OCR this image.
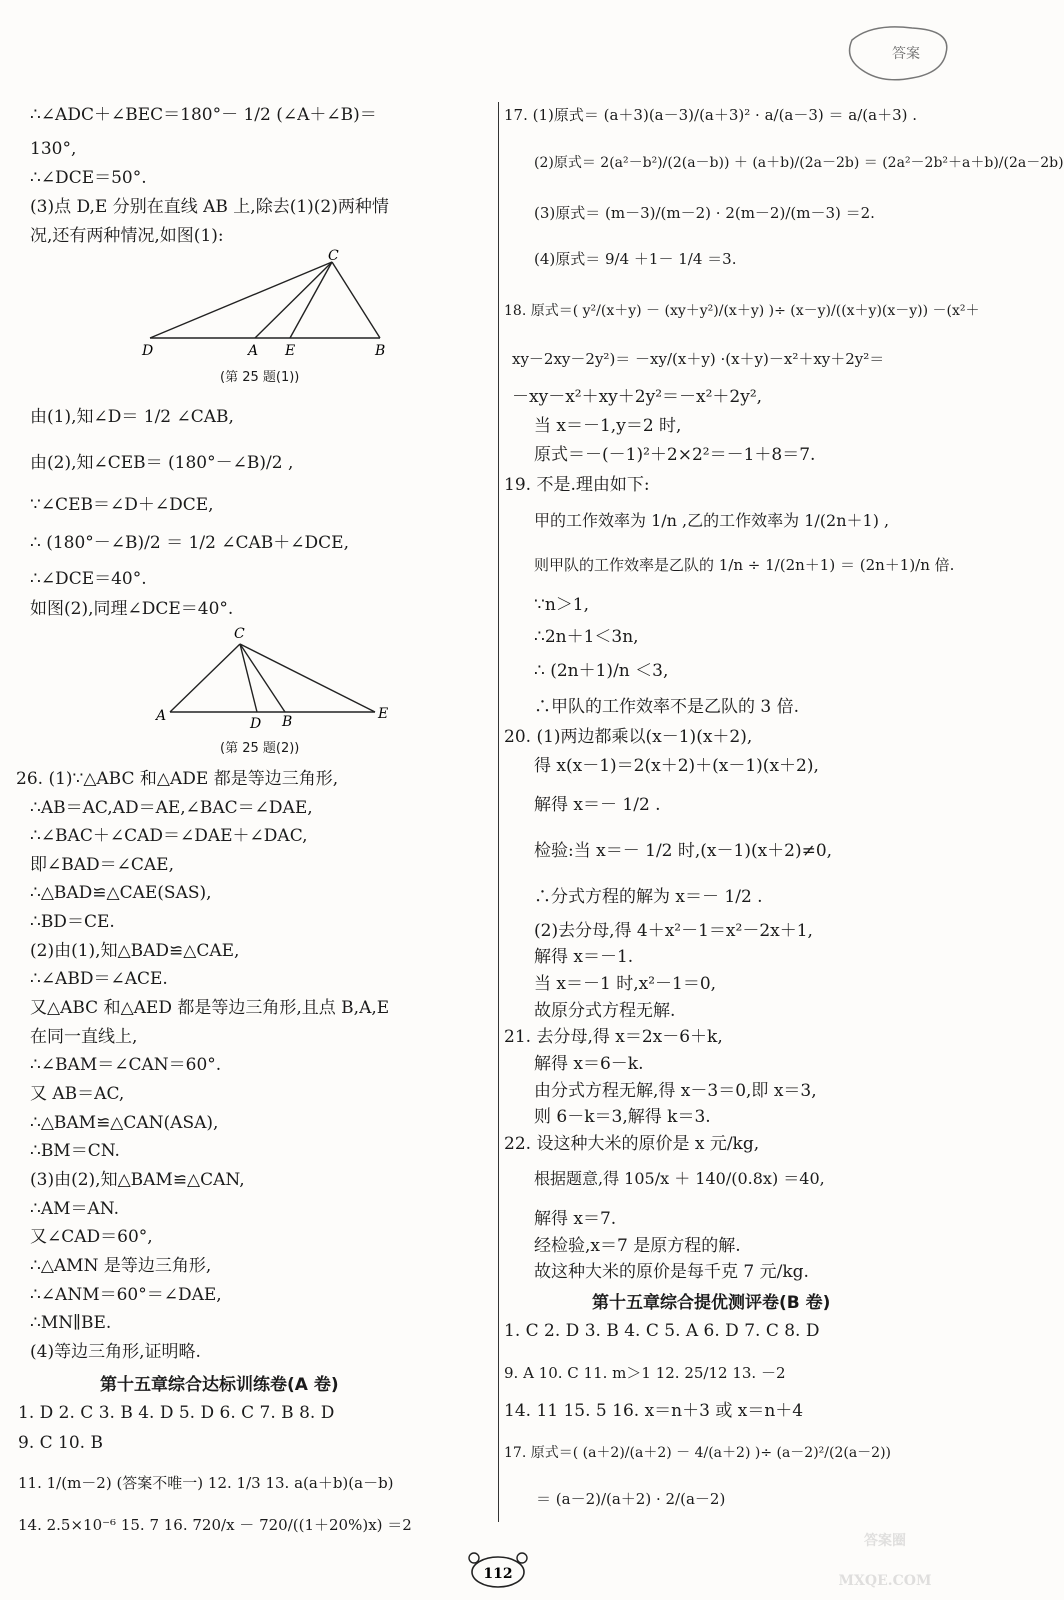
答案
∴∠ADC＋∠BEC＝180°－ 1/2 (∠A＋∠B)＝
130°,
∴∠DCE＝50°.
(3)点 D,E 分别在直线 AB 上,除去(1)(2)两种情
况,还有两种情况,如图(1):
C
D	A E	B
(第 25 题(1))
由(1),知∠D＝ 1/2 ∠CAB,
由(2),知∠CEB＝ (180°－∠B)/2 ,
∵∠CEB＝∠D＋∠DCE,
∴ (180°－∠B)/2 ＝ 1/2 ∠CAB＋∠DCE,
∴∠DCE＝40°.
如图(2),同理∠DCE＝40°.
C
A	D B	E
(第 25 题(2))
26. (1)∵△ABC 和△ADE 都是等边三角形,
∴AB＝AC,AD＝AE,∠BAC＝∠DAE,
∴∠BAC＋∠CAD＝∠DAE＋∠DAC,
即∠BAD＝∠CAE,
∴△BAD≌△CAE(SAS),
∴BD＝CE.
(2)由(1),知△BAD≌△CAE,
∴∠ABD＝∠ACE.
又△ABC 和△AED 都是等边三角形,且点 B,A,E
在同一直线上,
∴∠BAM＝∠CAN＝60°.
又 AB＝AC,
∴△BAM≌△CAN(ASA),
∴BM＝CN.
(3)由(2),知△BAM≌△CAN,
∴AM＝AN.
又∠CAD＝60°,
∴△AMN 是等边三角形,
∴∠ANM＝60°＝∠DAE,
∴MN∥BE.
(4)等边三角形,证明略.
第十五章综合达标训练卷(A 卷)
1. D 2. C 3. B 4. D 5. D 6. C 7. B 8. D
9. C 10. B
11. 1/(m－2) (答案不唯一) 12. 1/3 13. a(a＋b)(a－b)
14. 2.5×10⁻⁶ 15. 7 16. 720/x － 720/((1＋20%)x) ＝2
17. (1)原式＝ (a＋3)(a－3)/(a＋3)² · a/(a－3) ＝ a/(a＋3) .
(2)原式＝ 2(a²－b²)/(2(a－b)) ＋ (a＋b)/(2a－2b) ＝ (2a²－2b²＋a＋b)/(2a－2b)
(3)原式＝ (m－3)/(m－2) · 2(m－2)/(m－3) ＝2.
(4)原式＝ 9/4 ＋1－ 1/4 ＝3.
18. 原式＝( y²/(x＋y) － (xy＋y²)/(x＋y) )÷ (x－y)/((x＋y)(x－y)) －(x²＋
xy－2xy－2y²)＝ －xy/(x＋y) ·(x＋y)－x²＋xy＋2y²＝
－xy－x²＋xy＋2y²＝－x²＋2y²,
当 x＝－1,y＝2 时,
原式＝－(－1)²＋2×2²＝－1＋8＝7.
19. 不是.理由如下:
甲的工作效率为 1/n ,乙的工作效率为 1/(2n＋1) ,
则甲队的工作效率是乙队的 1/n ÷ 1/(2n＋1) ＝ (2n＋1)/n 倍.
∵n＞1,
∴2n＋1＜3n,
∴ (2n＋1)/n ＜3,
∴甲队的工作效率不是乙队的 3 倍.
20. (1)两边都乘以(x－1)(x＋2),
得 x(x－1)＝2(x＋2)＋(x－1)(x＋2),
解得 x＝－ 1/2 .
检验:当 x＝－ 1/2 时,(x－1)(x＋2)≠0,
∴分式方程的解为 x＝－ 1/2 .
(2)去分母,得 4＋x²－1＝x²－2x＋1,
解得 x＝－1.
当 x＝－1 时,x²－1＝0,
故原分式方程无解.
21. 去分母,得 x＝2x－6＋k,
解得 x＝6－k.
由分式方程无解,得 x－3＝0,即 x＝3,
则 6－k＝3,解得 k＝3.
22. 设这种大米的原价是 x 元/kg,
根据题意,得 105/x ＋ 140/(0.8x) ＝40,
解得 x＝7.
经检验,x＝7 是原方程的解.
故这种大米的原价是每千克 7 元/kg.
第十五章综合提优测评卷(B 卷)
1. C 2. D 3. B 4. C 5. A 6. D 7. C 8. D
9. A 10. C 11. m＞1 12. 25/12 13. －2
14. 11 15. 5 16. x＝n＋3 或 x＝n＋4
17. 原式＝( (a＋2)/(a＋2) － 4/(a＋2) )÷ (a－2)²/(2(a－2))
＝ (a－2)/(a＋2) · 2/(a－2)
112
答案圈
MXQE.COM
